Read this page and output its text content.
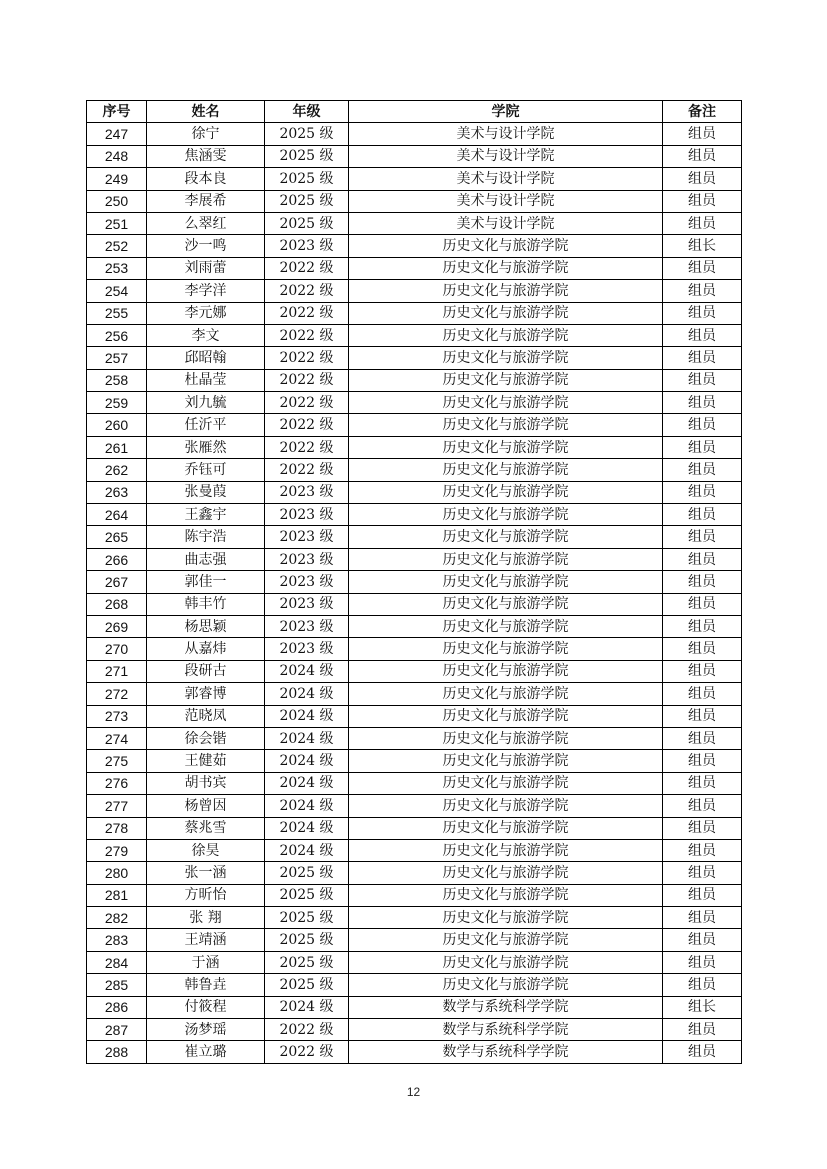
序号	姓名	年级	学院	备注
247	徐宁	2025 级	美术与设计学院	组员
248	焦涵雯	2025 级	美术与设计学院	组员
249	段本良	2025 级	美术与设计学院	组员
250	李展希	2025 级	美术与设计学院	组员
251	么翠红	2025 级	美术与设计学院	组员
252	沙一鸣	2023 级	历史文化与旅游学院	组长
253	刘雨蕾	2022 级	历史文化与旅游学院	组员
254	李学洋	2022 级	历史文化与旅游学院	组员
255	李元娜	2022 级	历史文化与旅游学院	组员
256	李文	2022 级	历史文化与旅游学院	组员
257	邱昭翰	2022 级	历史文化与旅游学院	组员
258	杜晶莹	2022 级	历史文化与旅游学院	组员
259	刘九毓	2022 级	历史文化与旅游学院	组员
260	任沂平	2022 级	历史文化与旅游学院	组员
261	张雁然	2022 级	历史文化与旅游学院	组员
262	乔钰可	2022 级	历史文化与旅游学院	组员
263	张曼葭	2023 级	历史文化与旅游学院	组员
264	王鑫宇	2023 级	历史文化与旅游学院	组员
265	陈宇浩	2023 级	历史文化与旅游学院	组员
266	曲志强	2023 级	历史文化与旅游学院	组员
267	郭佳一	2023 级	历史文化与旅游学院	组员
268	韩丰竹	2023 级	历史文化与旅游学院	组员
269	杨思颖	2023 级	历史文化与旅游学院	组员
270	从嘉炜	2023 级	历史文化与旅游学院	组员
271	段研古	2024 级	历史文化与旅游学院	组员
272	郭睿博	2024 级	历史文化与旅游学院	组员
273	范晓凤	2024 级	历史文化与旅游学院	组员
274	徐会锴	2024 级	历史文化与旅游学院	组员
275	王健茹	2024 级	历史文化与旅游学院	组员
276	胡书宾	2024 级	历史文化与旅游学院	组员
277	杨曾因	2024 级	历史文化与旅游学院	组员
278	蔡兆雪	2024 级	历史文化与旅游学院	组员
279	徐昊	2024 级	历史文化与旅游学院	组员
280	张一涵	2025 级	历史文化与旅游学院	组员
281	方昕怡	2025 级	历史文化与旅游学院	组员
282	张 翔	2025 级	历史文化与旅游学院	组员
283	王靖涵	2025 级	历史文化与旅游学院	组员
284	于涵	2025 级	历史文化与旅游学院	组员
285	韩鲁垚	2025 级	历史文化与旅游学院	组员
286	付筱程	2024 级	数学与系统科学学院	组长
287	汤梦瑶	2022 级	数学与系统科学学院	组员
288	崔立璐	2022 级	数学与系统科学学院	组员
12
